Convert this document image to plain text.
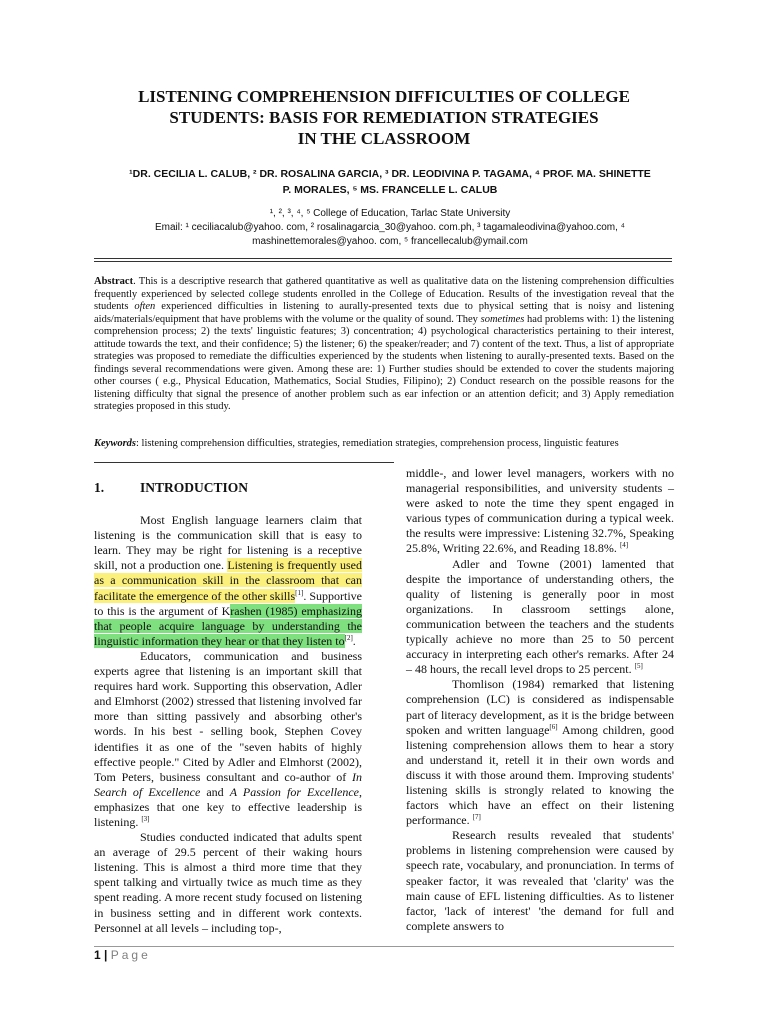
LISTENING COMPREHENSION DIFFICULTIES OF COLLEGE
STUDENTS: BASIS FOR REMEDIATION STRATEGIES
IN THE CLASSROOM
¹DR. CECILIA L. CALUB, ² DR. ROSALINA GARCIA, ³ DR. LEODIVINA P. TAGAMA, ⁴ PROF. MA. SHINETTE
P. MORALES, ⁵ MS. FRANCELLE L. CALUB
¹, ², ³, ⁴, ⁵ College of Education, Tarlac State University
Email: ¹ ceciliacalub@yahoo. com, ² rosalinagarcia_30@yahoo. com.ph, ³ tagamaleodivina@yahoo.com, ⁴
mashinettemorales@yahoo. com, ⁵ francellecalub@ymail.com
Abstract. This is a descriptive research that gathered quantitative as well as qualitative data on the listening comprehension difficulties frequently experienced by selected college students enrolled in the College of Education. Results of the investigation reveal that the students often experienced difficulties in listening to aurally-presented texts due to physical setting that is noisy and listening aids/materials/equipment that have problems with the volume or the quality of sound. They sometimes had problems with: 1) the listening comprehension process; 2) the texts' linguistic features; 3) concentration; 4) psychological characteristics pertaining to their interest, attitude towards the text, and their confidence; 5) the listener; 6) the speaker/reader; and 7) content of the text. Thus, a list of appropriate strategies was proposed to remediate the difficulties experienced by the students when listening to aurally-presented texts. Based on the findings several recommendations were given. Among these are: 1) Further studies should be extended to cover the students majoring other courses ( e.g., Physical Education, Mathematics, Social Studies, Filipino); 2) Conduct research on the possible reasons for the listening difficulty that signal the presence of another problem such as ear infection or an attention deficit; and 3) Apply remediation strategies proposed in this study.
Keywords: listening comprehension difficulties, strategies, remediation strategies, comprehension process, linguistic features
1.	INTRODUCTION

Most English language learners claim that listening is the communication skill that is easy to learn. They may be right for listening is a receptive skill, not a production one. Listening is frequently used as a communication skill in the classroom that can facilitate the emergence of the other skills[1]. Supportive to this is the argument of Krashen (1985) emphasizing that people acquire language by understanding the linguistic information they hear or that they listen to[2].

Educators, communication and business experts agree that listening is an important skill that requires hard work. Supporting this observation, Adler and Elmhorst (2002) stressed that listening involved far more than sitting passively and absorbing other's words. In his best - selling book, Stephen Covey identifies it as one of the "seven habits of highly effective people." Cited by Adler and Elmhorst (2002), Tom Peters, business consultant and co-author of In Search of Excellence and A Passion for Excellence, emphasizes that one key to effective leadership is listening. [3]

Studies conducted indicated that adults spent an average of 29.5 percent of their waking hours listening. This is almost a third more time that they spent talking and virtually twice as much time as they spent reading. A more recent study focused on listening in business setting and in different work contexts. Personnel at all levels – including top-,

middle-, and lower level managers, workers with no managerial responsibilities, and university students – were asked to note the time they spent engaged in various types of communication during a typical week. the results were impressive: Listening 32.7%, Speaking 25.8%, Writing 22.6%, and Reading 18.8%. [4]

Adler and Towne (2001) lamented that despite the importance of understanding others, the quality of listening is generally poor in most organizations. In classroom settings alone, communication between the teachers and the students typically achieve no more than 25 to 50 percent accuracy in interpreting each other's remarks. After 24 – 48 hours, the recall level drops to 25 percent. [5]

Thomlison (1984) remarked that listening comprehension (LC) is considered as indispensable part of literacy development, as it is the bridge between spoken and written language[6] Among children, good listening comprehension allows them to hear a story and understand it, retell it in their own words and discuss it with those around them. Improving students' listening skills is strongly related to knowing the factors which have an effect on their listening performance. [7]

Research results revealed that students' problems in listening comprehension were caused by speech rate, vocabulary, and pronunciation. In terms of speaker factor, it was revealed that 'clarity' was the main cause of EFL listening difficulties. As to listener factor, 'lack of interest' 'the demand for full and complete answers to

1 | Page
